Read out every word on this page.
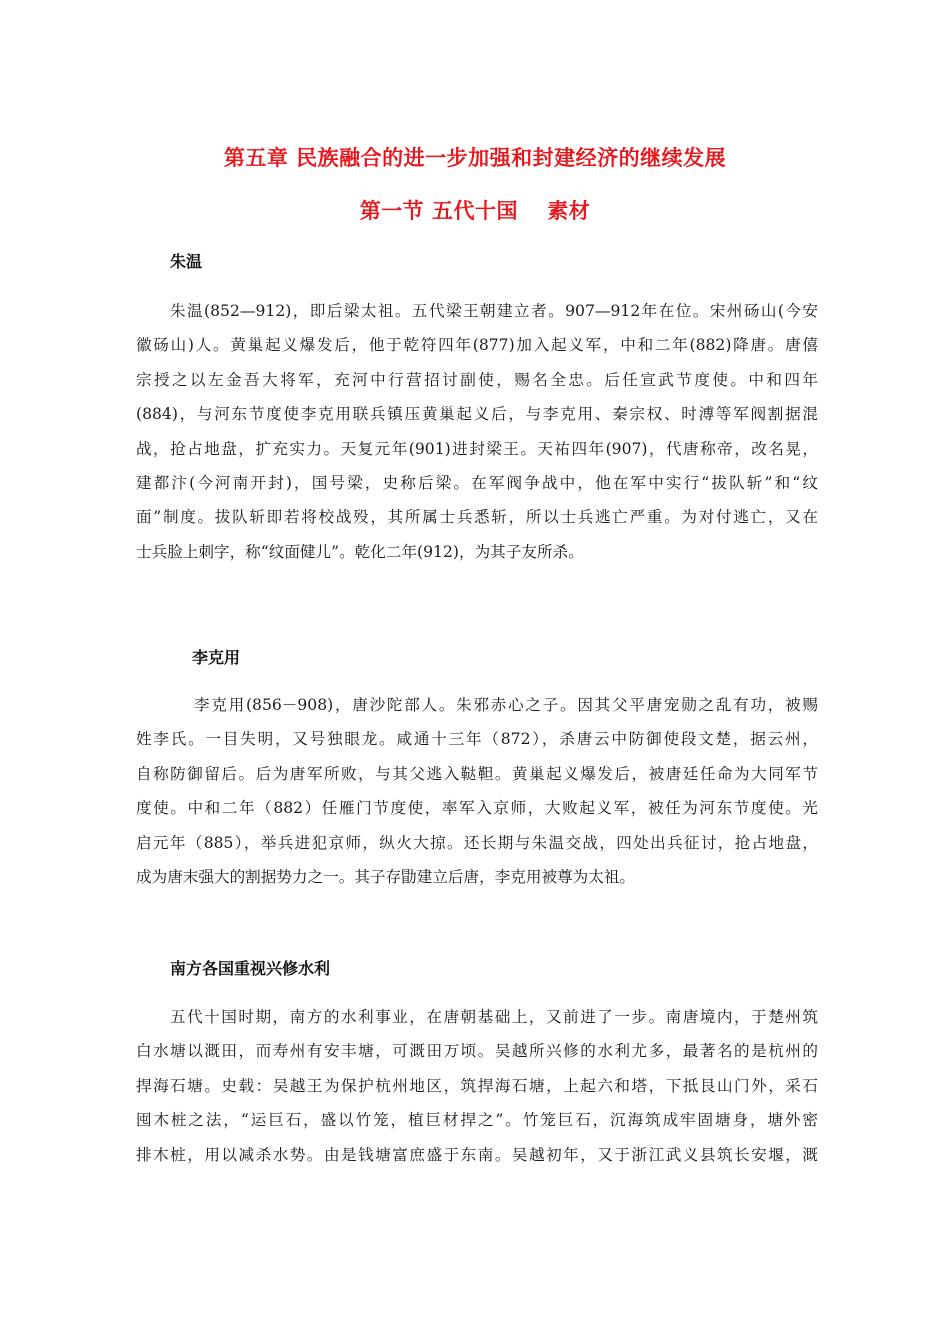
第五章 民族融合的进一步加强和封建经济的继续发展
第一节 五代十国　 素材
朱温
朱温(852—912)，即后梁太祖。五代梁王朝建立者。907—912年在位。宋州砀山(今安
徽砀山)人。黄巢起义爆发后，他于乾符四年(877)加入起义军，中和二年(882)降唐。唐僖
宗授之以左金吾大将军，充河中行营招讨副使，赐名全忠。后任宣武节度使。中和四年
(884)，与河东节度使李克用联兵镇压黄巢起义后，与李克用、秦宗权、时溥等军阀割据混
战，抢占地盘，扩充实力。天复元年(901)进封梁王。天祐四年(907)，代唐称帝，改名晃，
建都汴(今河南开封)，国号梁，史称后梁。在军阀争战中，他在军中实行“拔队斩”和“纹
面”制度。拔队斩即若将校战殁，其所属士兵悉斩，所以士兵逃亡严重。为对付逃亡，又在
士兵脸上刺字，称“纹面健儿”。乾化二年(912)，为其子友所杀。
李克用
李克用(856－908)，唐沙陀部人。朱邪赤心之子。因其父平唐宠勋之乱有功，被赐
姓李氏。一目失明，又号独眼龙。咸通十三年（872），杀唐云中防御使段文楚，据云州，
自称防御留后。后为唐军所败，与其父逃入鞑靼。黄巢起义爆发后，被唐廷任命为大同军节
度使。中和二年（882）任雁门节度使，率军入京师，大败起义军，被任为河东节度使。光
启元年（885），举兵进犯京师，纵火大掠。还长期与朱温交战，四处出兵征讨，抢占地盘，
成为唐末强大的割据势力之一。其子存勖建立后唐，李克用被尊为太祖。
南方各国重视兴修水利
五代十国时期，南方的水利事业，在唐朝基础上，又前进了一步。南唐境内，于楚州筑
白水塘以溉田，而寿州有安丰塘，可溉田万顷。吴越所兴修的水利尤多，最著名的是杭州的
捍海石塘。史载：吴越王为保护杭州地区，筑捍海石塘，上起六和塔，下抵艮山门外，采石
囤木桩之法，“运巨石，盛以竹笼，植巨材捍之”。竹笼巨石，沉海筑成牢固塘身，塘外密
排木桩，用以减杀水势。由是钱塘富庶盛于东南。吴越初年，又于浙江武义县筑长安堰，溉
